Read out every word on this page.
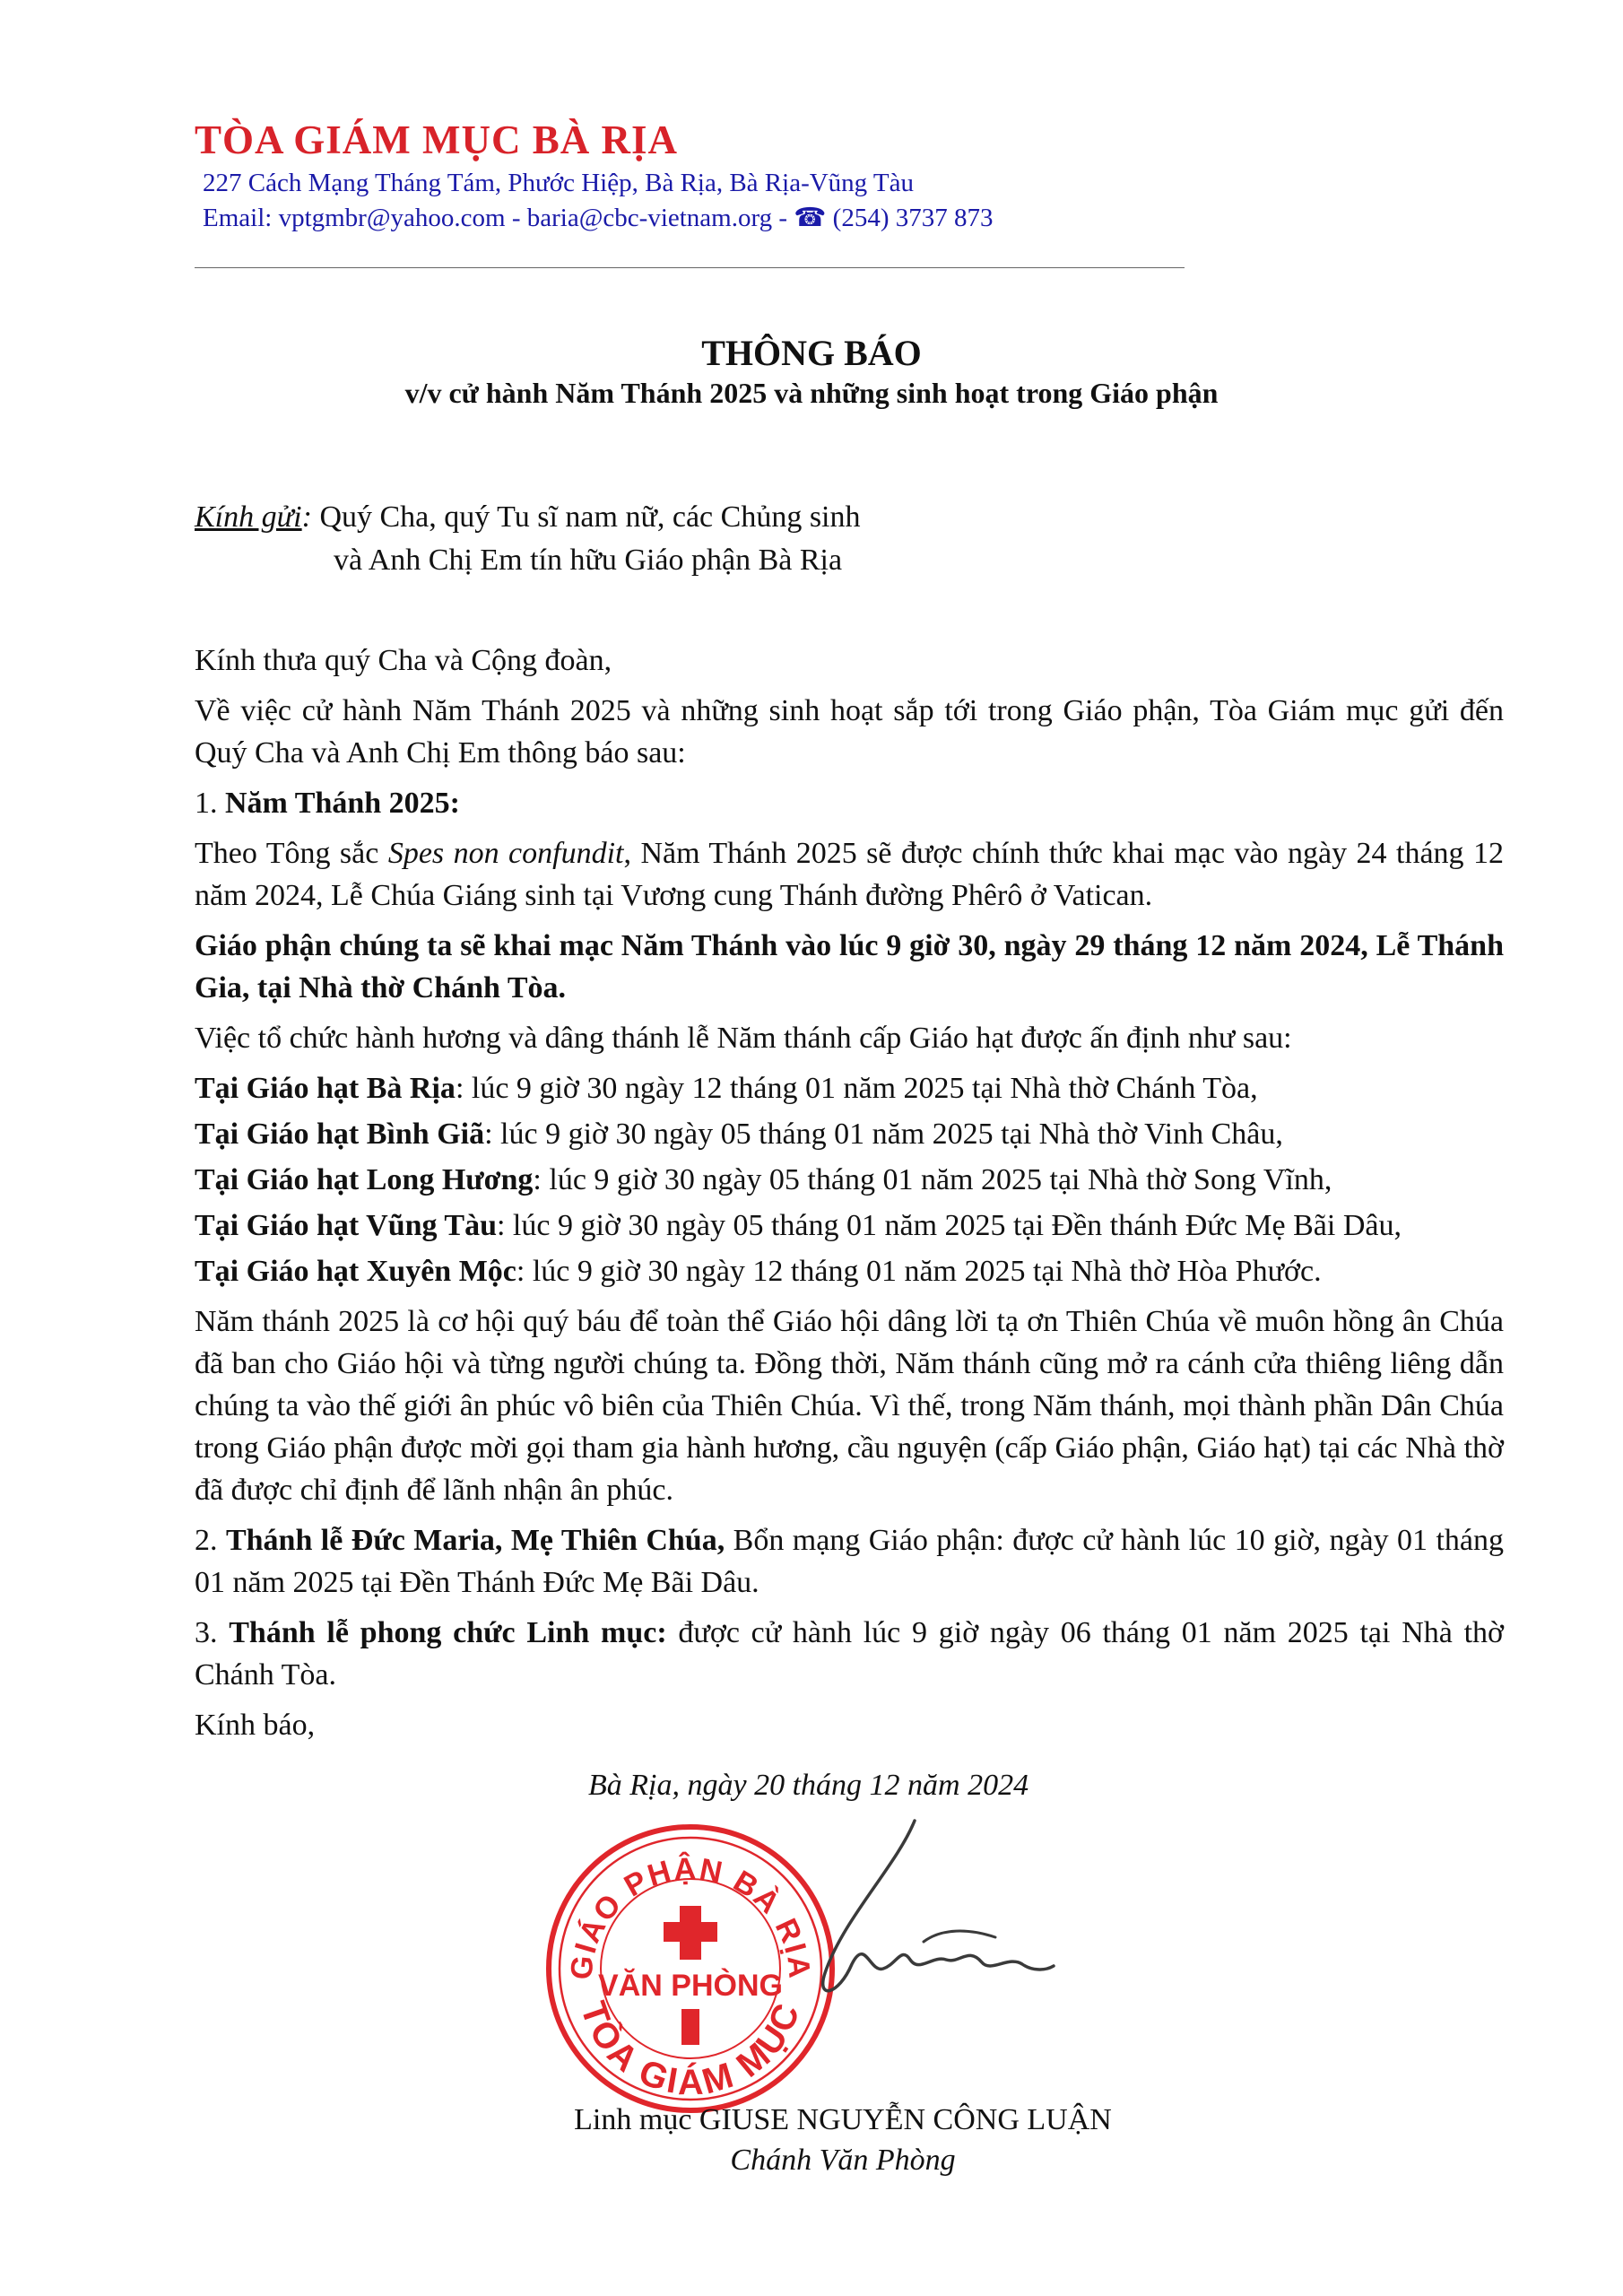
TÒA GIÁM MỤC BÀ RỊA
227 Cách Mạng Tháng Tám, Phước Hiệp, Bà Rịa, Bà Rịa-Vũng Tàu
Email: vptgmbr@yahoo.com - baria@cbc-vietnam.org - ☎ (254) 3737 873
THÔNG BÁO
v/v cử hành Năm Thánh 2025 và những sinh hoạt trong Giáo phận
Kính gửi: Quý Cha, quý Tu sĩ nam nữ, các Chủng sinh
và Anh Chị Em tín hữu Giáo phận Bà Rịa

Kính thưa quý Cha và Cộng đoàn,

Về việc cử hành Năm Thánh 2025 và những sinh hoạt sắp tới trong Giáo phận, Tòa Giám mục gửi đến Quý Cha và Anh Chị Em thông báo sau:

1. Năm Thánh 2025:

Theo Tông sắc Spes non confundit, Năm Thánh 2025 sẽ được chính thức khai mạc vào ngày 24 tháng 12 năm 2024, Lễ Chúa Giáng sinh tại Vương cung Thánh đường Phêrô ở Vatican.

Giáo phận chúng ta sẽ khai mạc Năm Thánh vào lúc 9 giờ 30, ngày 29 tháng 12 năm 2024, Lễ Thánh Gia, tại Nhà thờ Chánh Tòa.

Việc tổ chức hành hương và dâng thánh lễ Năm thánh cấp Giáo hạt được ấn định như sau:

Tại Giáo hạt Bà Rịa: lúc 9 giờ 30 ngày 12 tháng 01 năm 2025 tại Nhà thờ Chánh Tòa,

Tại Giáo hạt Bình Giã: lúc 9 giờ 30 ngày 05 tháng 01 năm 2025 tại Nhà thờ Vinh Châu,

Tại Giáo hạt Long Hương: lúc 9 giờ 30 ngày 05 tháng 01 năm 2025 tại Nhà thờ Song Vĩnh,

Tại Giáo hạt Vũng Tàu: lúc 9 giờ 30 ngày 05 tháng 01 năm 2025 tại Đền thánh Đức Mẹ Bãi Dâu,

Tại Giáo hạt Xuyên Mộc: lúc 9 giờ 30 ngày 12 tháng 01 năm 2025 tại Nhà thờ Hòa Phước.

Năm thánh 2025 là cơ hội quý báu để toàn thể Giáo hội dâng lời tạ ơn Thiên Chúa về muôn hồng ân Chúa đã ban cho Giáo hội và từng người chúng ta. Đồng thời, Năm thánh cũng mở ra cánh cửa thiêng liêng dẫn chúng ta vào thế giới ân phúc vô biên của Thiên Chúa. Vì thế, trong Năm thánh, mọi thành phần Dân Chúa trong Giáo phận được mời gọi tham gia hành hương, cầu nguyện (cấp Giáo phận, Giáo hạt) tại các Nhà thờ đã được chỉ định để lãnh nhận ân phúc.

2. Thánh lễ Đức Maria, Mẹ Thiên Chúa, Bổn mạng Giáo phận: được cử hành lúc 10 giờ, ngày 01 tháng 01 năm 2025 tại Đền Thánh Đức Mẹ Bãi Dâu.

3. Thánh lễ phong chức Linh mục: được cử hành lúc 9 giờ ngày 06 tháng 01 năm 2025 tại Nhà thờ Chánh Tòa.

Kính báo,

Bà Rịa, ngày 20 tháng 12 năm 2024
GIÁO PHẬN BÀ RỊA
TÒA GIÁM MỤC
VĂN PHÒNG
Linh mục GIUSE NGUYỄN CÔNG LUẬN
Chánh Văn Phòng
